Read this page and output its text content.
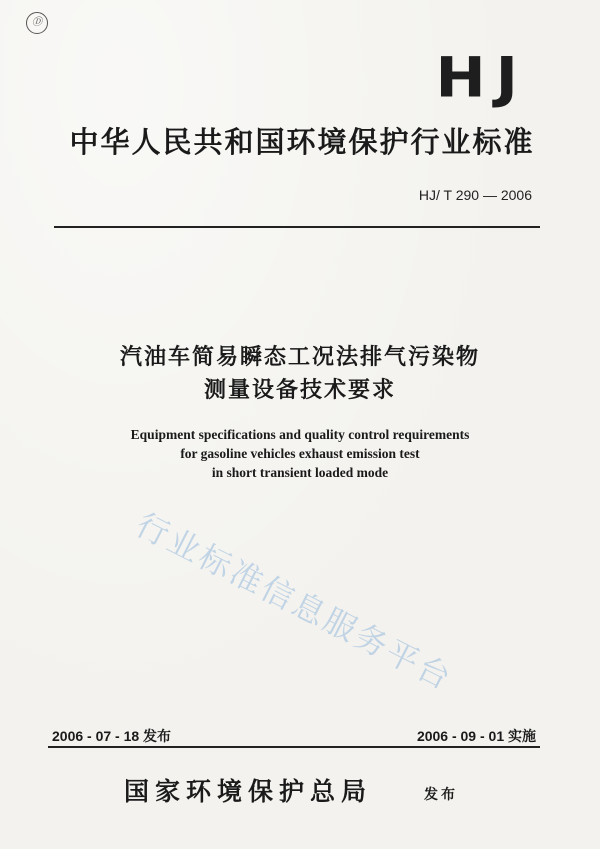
Ⓓ
HJ
中华人民共和国环境保护行业标准
HJ/ T 290 — 2006
汽油车简易瞬态工况法排气污染物
测量设备技术要求
Equipment specifications and quality control requirements
for gasoline vehicles exhaust emission test
in short transient loaded mode
行业标准信息服务平台
2006 - 07 - 18 发布	2006 - 09 - 01 实施
国家环境保护总局	发布
